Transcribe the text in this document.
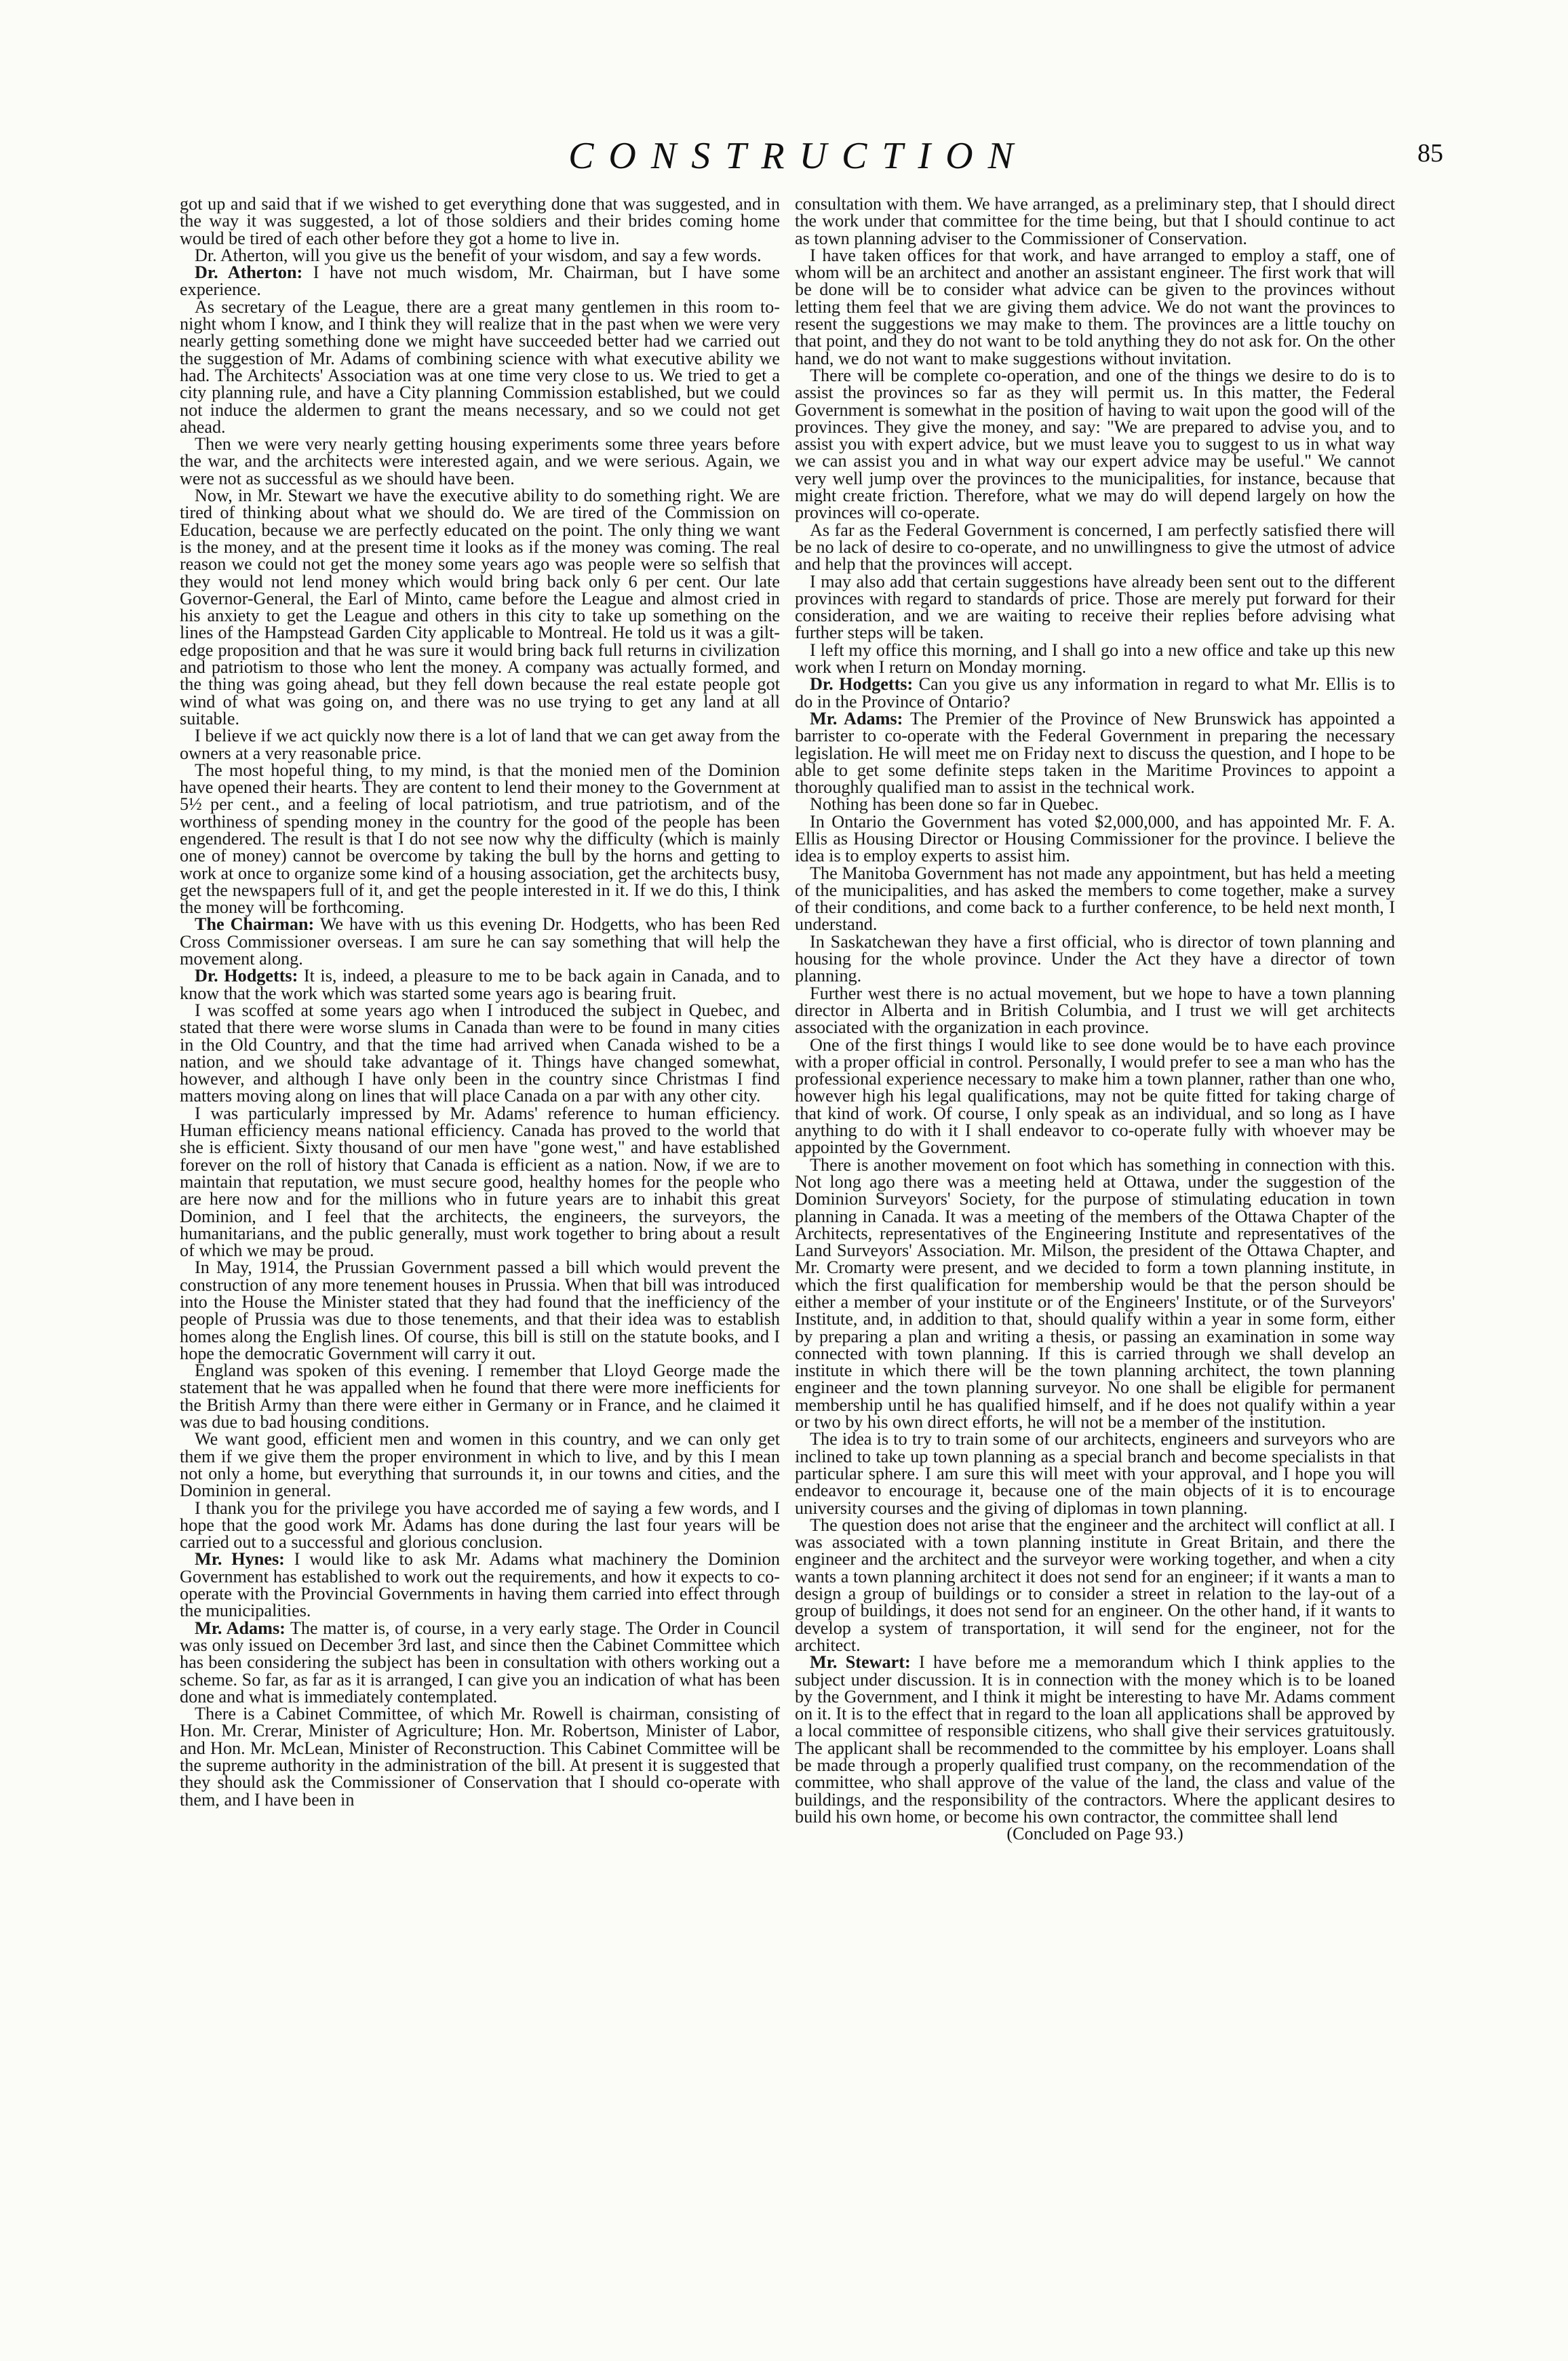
CONSTRUCTION	85

got up and said that if we wished to get everything done that was suggested, and in the way it was suggested, a lot of those soldiers and their brides coming home would be tired of each other before they got a home to live in.

Dr. Atherton, will you give us the benefit of your wisdom, and say a few words.

Dr. Atherton: I have not much wisdom, Mr. Chairman, but I have some experience.

As secretary of the League, there are a great many gentlemen in this room to-night whom I know, and I think they will realize that in the past when we were very nearly getting something done we might have succeeded better had we carried out the suggestion of Mr. Adams of combining science with what executive ability we had. The Architects' Association was at one time very close to us. We tried to get a city planning rule, and have a City planning Commission established, but we could not induce the aldermen to grant the means necessary, and so we could not get ahead.

Then we were very nearly getting housing experiments some three years before the war, and the architects were interested again, and we were serious. Again, we were not as successful as we should have been.

Now, in Mr. Stewart we have the executive ability to do something right. We are tired of thinking about what we should do. We are tired of the Commission on Education, because we are perfectly educated on the point. The only thing we want is the money, and at the present time it looks as if the money was coming. The real reason we could not get the money some years ago was people were so selfish that they would not lend money which would bring back only 6 per cent. Our late Governor-General, the Earl of Minto, came before the League and almost cried in his anxiety to get the League and others in this city to take up something on the lines of the Hampstead Garden City applicable to Montreal. He told us it was a gilt-edge proposition and that he was sure it would bring back full returns in civilization and patriotism to those who lent the money. A company was actually formed, and the thing was going ahead, but they fell down because the real estate people got wind of what was going on, and there was no use trying to get any land at all suitable.

I believe if we act quickly now there is a lot of land that we can get away from the owners at a very reasonable price.

The most hopeful thing, to my mind, is that the monied men of the Dominion have opened their hearts. They are content to lend their money to the Government at 5½ per cent., and a feeling of local patriotism, and true patriotism, and of the worthiness of spending money in the country for the good of the people has been engendered. The result is that I do not see now why the difficulty (which is mainly one of money) cannot be overcome by taking the bull by the horns and getting to work at once to organize some kind of a housing association, get the architects busy, get the newspapers full of it, and get the people interested in it. If we do this, I think the money will be forthcoming.

The Chairman: We have with us this evening Dr. Hodgetts, who has been Red Cross Commissioner overseas. I am sure he can say something that will help the movement along.

Dr. Hodgetts: It is, indeed, a pleasure to me to be back again in Canada, and to know that the work which was started some years ago is bearing fruit.

I was scoffed at some years ago when I introduced the subject in Quebec, and stated that there were worse slums in Canada than were to be found in many cities in the Old Country, and that the time had arrived when Canada wished to be a nation, and we should take advantage of it. Things have changed somewhat, however, and although I have only been in the country since Christmas I find matters moving along on lines that will place Canada on a par with any other city.

I was particularly impressed by Mr. Adams' reference to human efficiency. Human efficiency means national efficiency. Canada has proved to the world that she is efficient. Sixty thousand of our men have "gone west," and have established forever on the roll of history that Canada is efficient as a nation. Now, if we are to maintain that reputation, we must secure good, healthy homes for the people who are here now and for the millions who in future years are to inhabit this great Dominion, and I feel that the architects, the engineers, the surveyors, the humanitarians, and the public generally, must work together to bring about a result of which we may be proud.

In May, 1914, the Prussian Government passed a bill which would prevent the construction of any more tenement houses in Prussia. When that bill was introduced into the House the Minister stated that they had found that the inefficiency of the people of Prussia was due to those tenements, and that their idea was to establish homes along the English lines. Of course, this bill is still on the statute books, and I hope the democratic Government will carry it out.

England was spoken of this evening. I remember that Lloyd George made the statement that he was appalled when he found that there were more inefficients for the British Army than there were either in Germany or in France, and he claimed it was due to bad housing conditions.

We want good, efficient men and women in this country, and we can only get them if we give them the proper environment in which to live, and by this I mean not only a home, but everything that surrounds it, in our towns and cities, and the Dominion in general.

I thank you for the privilege you have accorded me of saying a few words, and I hope that the good work Mr. Adams has done during the last four years will be carried out to a successful and glorious conclusion.

Mr. Hynes: I would like to ask Mr. Adams what machinery the Dominion Government has established to work out the requirements, and how it expects to co-operate with the Provincial Governments in having them carried into effect through the municipalities.

Mr. Adams: The matter is, of course, in a very early stage. The Order in Council was only issued on December 3rd last, and since then the Cabinet Committee which has been considering the subject has been in consultation with others working out a scheme. So far, as far as it is arranged, I can give you an indication of what has been done and what is immediately contemplated.

There is a Cabinet Committee, of which Mr. Rowell is chairman, consisting of Hon. Mr. Crerar, Minister of Agriculture; Hon. Mr. Robertson, Minister of Labor, and Hon. Mr. McLean, Minister of Reconstruction. This Cabinet Committee will be the supreme authority in the administration of the bill. At present it is suggested that they should ask the Commissioner of Conservation that I should co-operate with them, and I have been in

consultation with them. We have arranged, as a preliminary step, that I should direct the work under that committee for the time being, but that I should continue to act as town planning adviser to the Commissioner of Conservation.

I have taken offices for that work, and have arranged to employ a staff, one of whom will be an architect and another an assistant engineer. The first work that will be done will be to consider what advice can be given to the provinces without letting them feel that we are giving them advice. We do not want the provinces to resent the suggestions we may make to them. The provinces are a little touchy on that point, and they do not want to be told anything they do not ask for. On the other hand, we do not want to make suggestions without invitation.

There will be complete co-operation, and one of the things we desire to do is to assist the provinces so far as they will permit us. In this matter, the Federal Government is somewhat in the position of having to wait upon the good will of the provinces. They give the money, and say: "We are prepared to advise you, and to assist you with expert advice, but we must leave you to suggest to us in what way we can assist you and in what way our expert advice may be useful." We cannot very well jump over the provinces to the municipalities, for instance, because that might create friction. Therefore, what we may do will depend largely on how the provinces will co-operate.

As far as the Federal Government is concerned, I am perfectly satisfied there will be no lack of desire to co-operate, and no unwillingness to give the utmost of advice and help that the provinces will accept.

I may also add that certain suggestions have already been sent out to the different provinces with regard to standards of price. Those are merely put forward for their consideration, and we are waiting to receive their replies before advising what further steps will be taken.

I left my office this morning, and I shall go into a new office and take up this new work when I return on Monday morning.

Dr. Hodgetts: Can you give us any information in regard to what Mr. Ellis is to do in the Province of Ontario?

Mr. Adams: The Premier of the Province of New Brunswick has appointed a barrister to co-operate with the Federal Government in preparing the necessary legislation. He will meet me on Friday next to discuss the question, and I hope to be able to get some definite steps taken in the Maritime Provinces to appoint a thoroughly qualified man to assist in the technical work.

Nothing has been done so far in Quebec.

In Ontario the Government has voted $2,000,000, and has appointed Mr. F. A. Ellis as Housing Director or Housing Commissioner for the province. I believe the idea is to employ experts to assist him.

The Manitoba Government has not made any appointment, but has held a meeting of the municipalities, and has asked the members to come together, make a survey of their conditions, and come back to a further conference, to be held next month, I understand.

In Saskatchewan they have a first official, who is director of town planning and housing for the whole province. Under the Act they have a director of town planning.

Further west there is no actual movement, but we hope to have a town planning director in Alberta and in British Columbia, and I trust we will get architects associated with the organization in each province.

One of the first things I would like to see done would be to have each province with a proper official in control. Personally, I would prefer to see a man who has the professional experience necessary to make him a town planner, rather than one who, however high his legal qualifications, may not be quite fitted for taking charge of that kind of work. Of course, I only speak as an individual, and so long as I have anything to do with it I shall endeavor to co-operate fully with whoever may be appointed by the Government.

There is another movement on foot which has something in connection with this. Not long ago there was a meeting held at Ottawa, under the suggestion of the Dominion Surveyors' Society, for the purpose of stimulating education in town planning in Canada. It was a meeting of the members of the Ottawa Chapter of the Architects, representatives of the Engineering Institute and representatives of the Land Surveyors' Association. Mr. Milson, the president of the Ottawa Chapter, and Mr. Cromarty were present, and we decided to form a town planning institute, in which the first qualification for membership would be that the person should be either a member of your institute or of the Engineers' Institute, or of the Surveyors' Institute, and, in addition to that, should qualify within a year in some form, either by preparing a plan and writing a thesis, or passing an examination in some way connected with town planning. If this is carried through we shall develop an institute in which there will be the town planning architect, the town planning engineer and the town planning surveyor. No one shall be eligible for permanent membership until he has qualified himself, and if he does not qualify within a year or two by his own direct efforts, he will not be a member of the institution.

The idea is to try to train some of our architects, engineers and surveyors who are inclined to take up town planning as a special branch and become specialists in that particular sphere. I am sure this will meet with your approval, and I hope you will endeavor to encourage it, because one of the main objects of it is to encourage university courses and the giving of diplomas in town planning.

The question does not arise that the engineer and the architect will conflict at all. I was associated with a town planning institute in Great Britain, and there the engineer and the architect and the surveyor were working together, and when a city wants a town planning architect it does not send for an engineer; if it wants a man to design a group of buildings or to consider a street in relation to the lay-out of a group of buildings, it does not send for an engineer. On the other hand, if it wants to develop a system of transportation, it will send for the engineer, not for the architect.

Mr. Stewart: I have before me a memorandum which I think applies to the subject under discussion. It is in connection with the money which is to be loaned by the Government, and I think it might be interesting to have Mr. Adams comment on it. It is to the effect that in regard to the loan all applications shall be approved by a local committee of responsible citizens, who shall give their services gratuitously. The applicant shall be recommended to the committee by his employer. Loans shall be made through a properly qualified trust company, on the recommendation of the committee, who shall approve of the value of the land, the class and value of the buildings, and the responsibility of the contractors. Where the applicant desires to build his own home, or become his own contractor, the committee shall lend

(Concluded on Page 93.)
